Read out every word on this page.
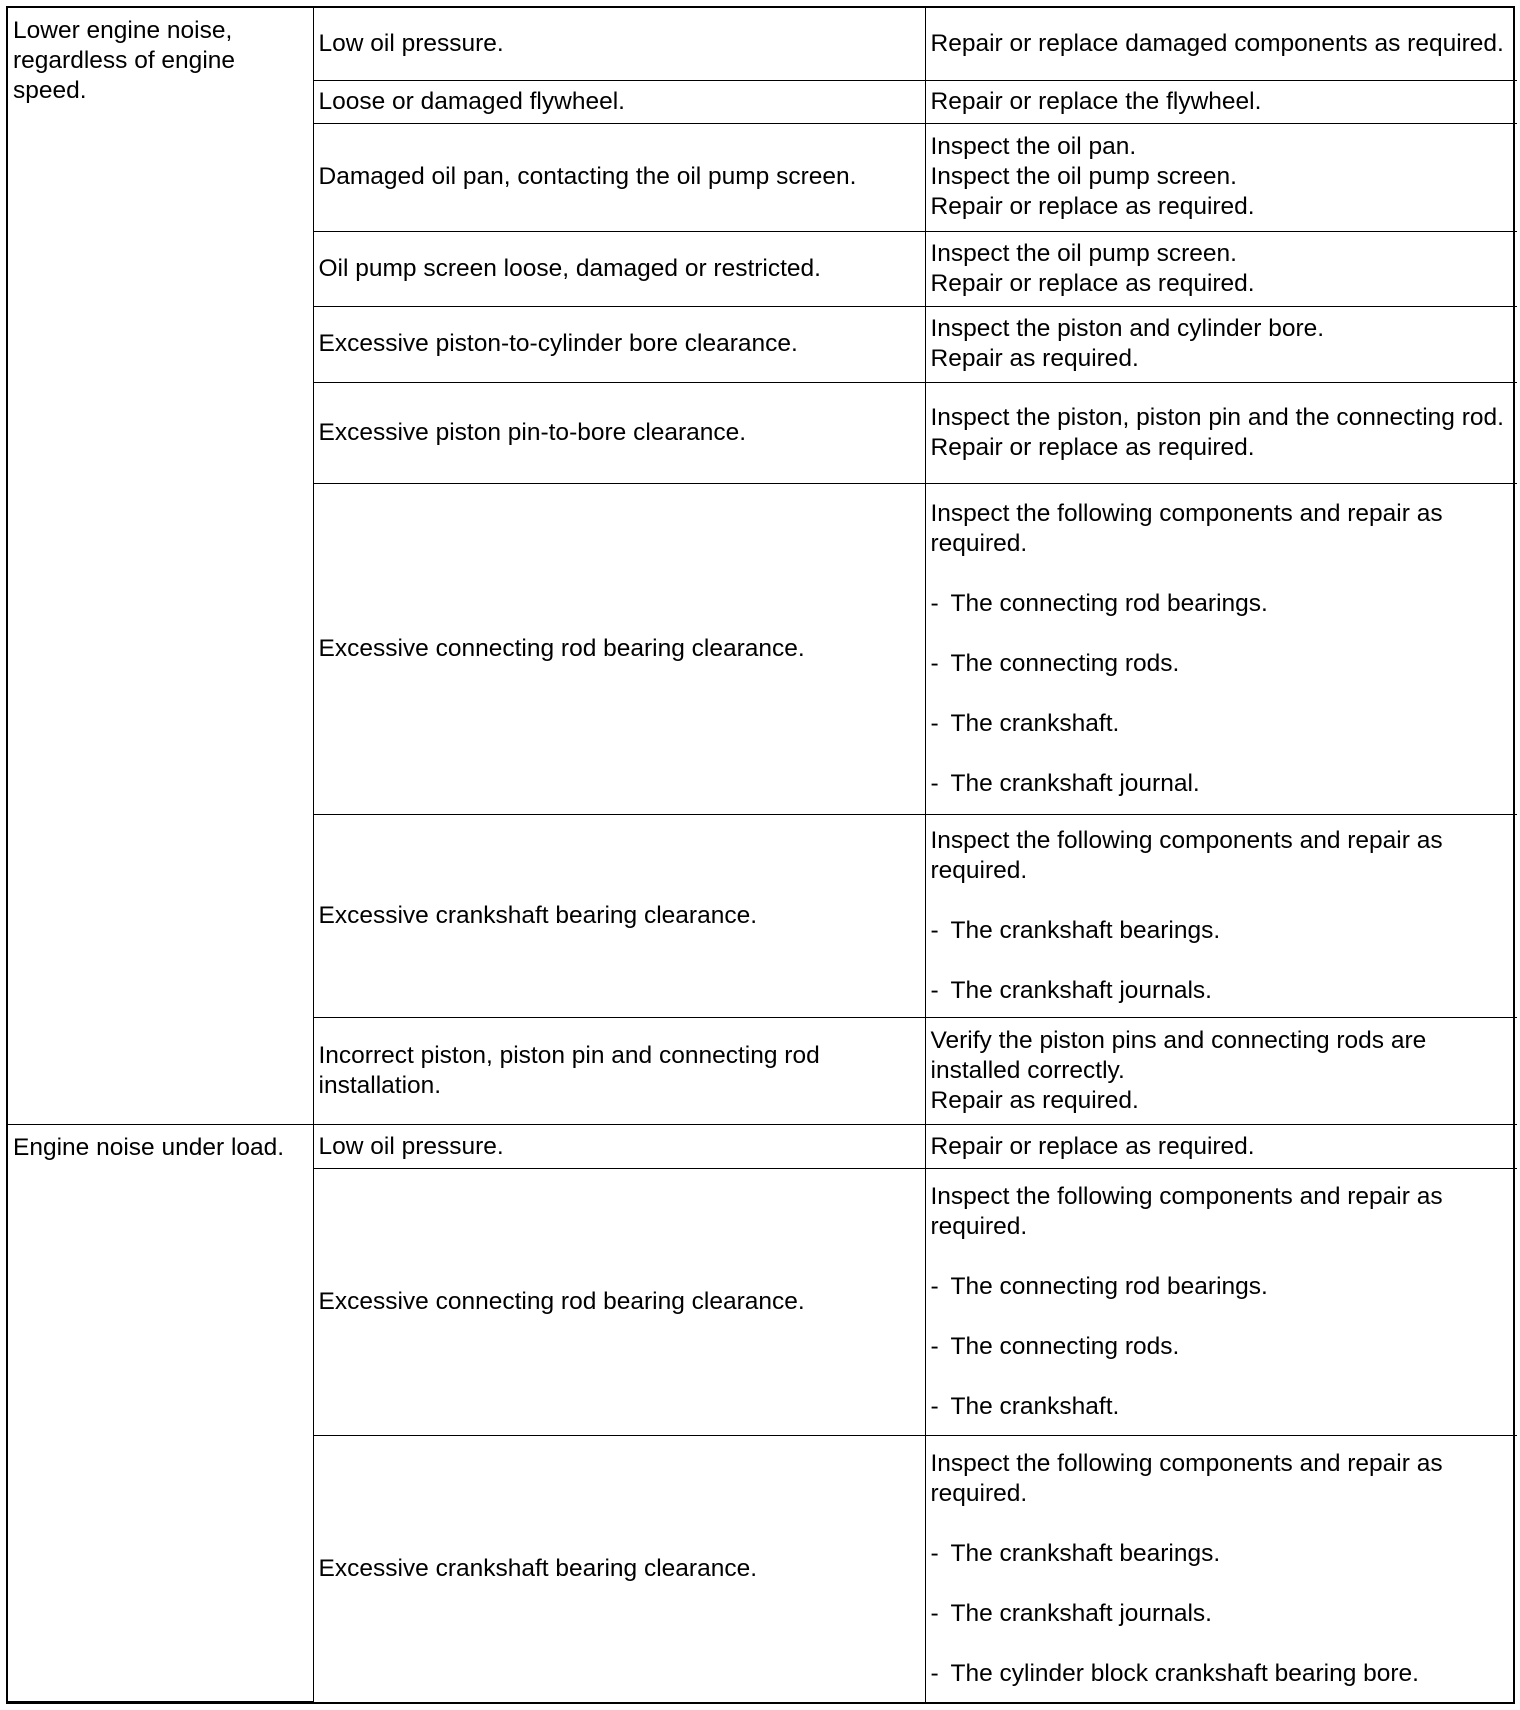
Lower engine noise, regardless of engine speed.	Low oil pressure.	Repair or replace damaged components as required.

	Loose or damaged flywheel.	Repair or replace the flywheel.

	Damaged oil pan, contacting the oil pump screen.	Inspect the oil pan.
Inspect the oil pump screen.
Repair or replace as required.

	Oil pump screen loose, damaged or restricted.	Inspect the oil pump screen.
Repair or replace as required.

	Excessive piston-to-cylinder bore clearance.	Inspect the piston and cylinder bore.
Repair as required.

	Excessive piston pin-to-bore clearance.	Inspect the piston, piston pin and the connecting rod.
Repair or replace as required.

	Excessive connecting rod bearing clearance.	Inspect the following components and repair as required.
- The connecting rod bearings.
- The connecting rods.
- The crankshaft.
- The crankshaft journal.

	Excessive crankshaft bearing clearance.	Inspect the following components and repair as required.
- The crankshaft bearings.
- The crankshaft journals.

	Incorrect piston, piston pin and connecting rod installation.	Verify the piston pins and connecting rods are installed correctly.
Repair as required.

Engine noise under load.	Low oil pressure.	Repair or replace as required.

	Excessive connecting rod bearing clearance.	Inspect the following components and repair as required.
- The connecting rod bearings.
- The connecting rods.
- The crankshaft.

	Excessive crankshaft bearing clearance.	Inspect the following components and repair as required.
- The crankshaft bearings.
- The crankshaft journals.
- The cylinder block crankshaft bearing bore.
